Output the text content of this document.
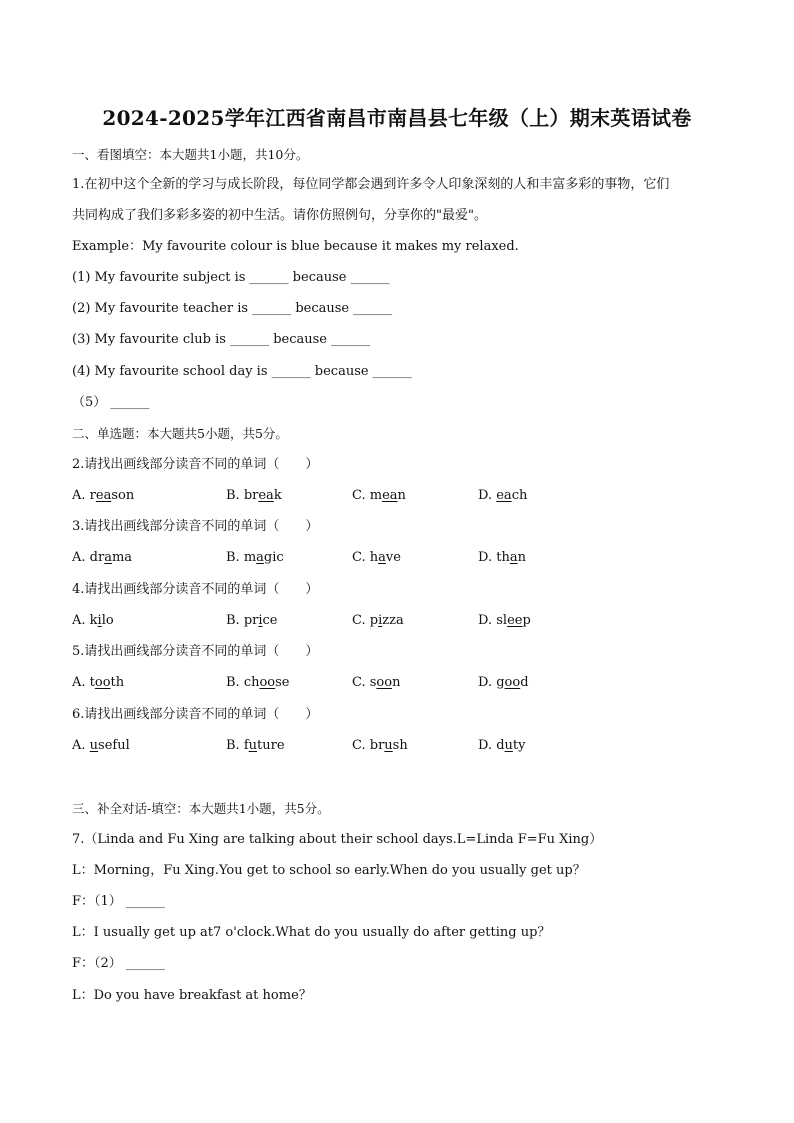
2024-2025学年江西省南昌市南昌县七年级（上）期末英语试卷
一、看图填空：本大题共1小题，共10分。
1.在初中这个全新的学习与成长阶段，每位同学都会遇到许多令人印象深刻的人和丰富多彩的事物，它们
共同构成了我们多彩多姿的初中生活。请你仿照例句，分享你的"最爱"。
Example：My favourite colour is blue because it makes my relaxed.
(1) My favourite subject is ______ because ______
(2) My favourite teacher is ______ because ______
(3) My favourite club is ______ because ______
(4) My favourite school day is ______ because ______
（5） ______
二、单选题：本大题共5小题，共5分。
2.请找出画线部分读音不同的单词（　　）
A. reason	B. break	C. mean	D. each
3.请找出画线部分读音不同的单词（　　）
A. drama	B. magic	C. have	D. than
4.请找出画线部分读音不同的单词（　　）
A. kilo	B. price	C. pizza	D. sleep
5.请找出画线部分读音不同的单词（　　）
A. tooth	B. choose	C. soon	D. good
6.请找出画线部分读音不同的单词（　　）
A. useful	B. future	C. brush	D. duty
三、补全对话-填空：本大题共1小题，共5分。
7.（Linda and Fu Xing are talking about their school days.L=Linda F=Fu Xing）
L：Morning，Fu Xing.You get to school so early.When do you usually get up？
F：（1） ______
L：I usually get up at7 o'clock.What do you usually do after getting up？
F：（2） ______
L：Do you have breakfast at home？
